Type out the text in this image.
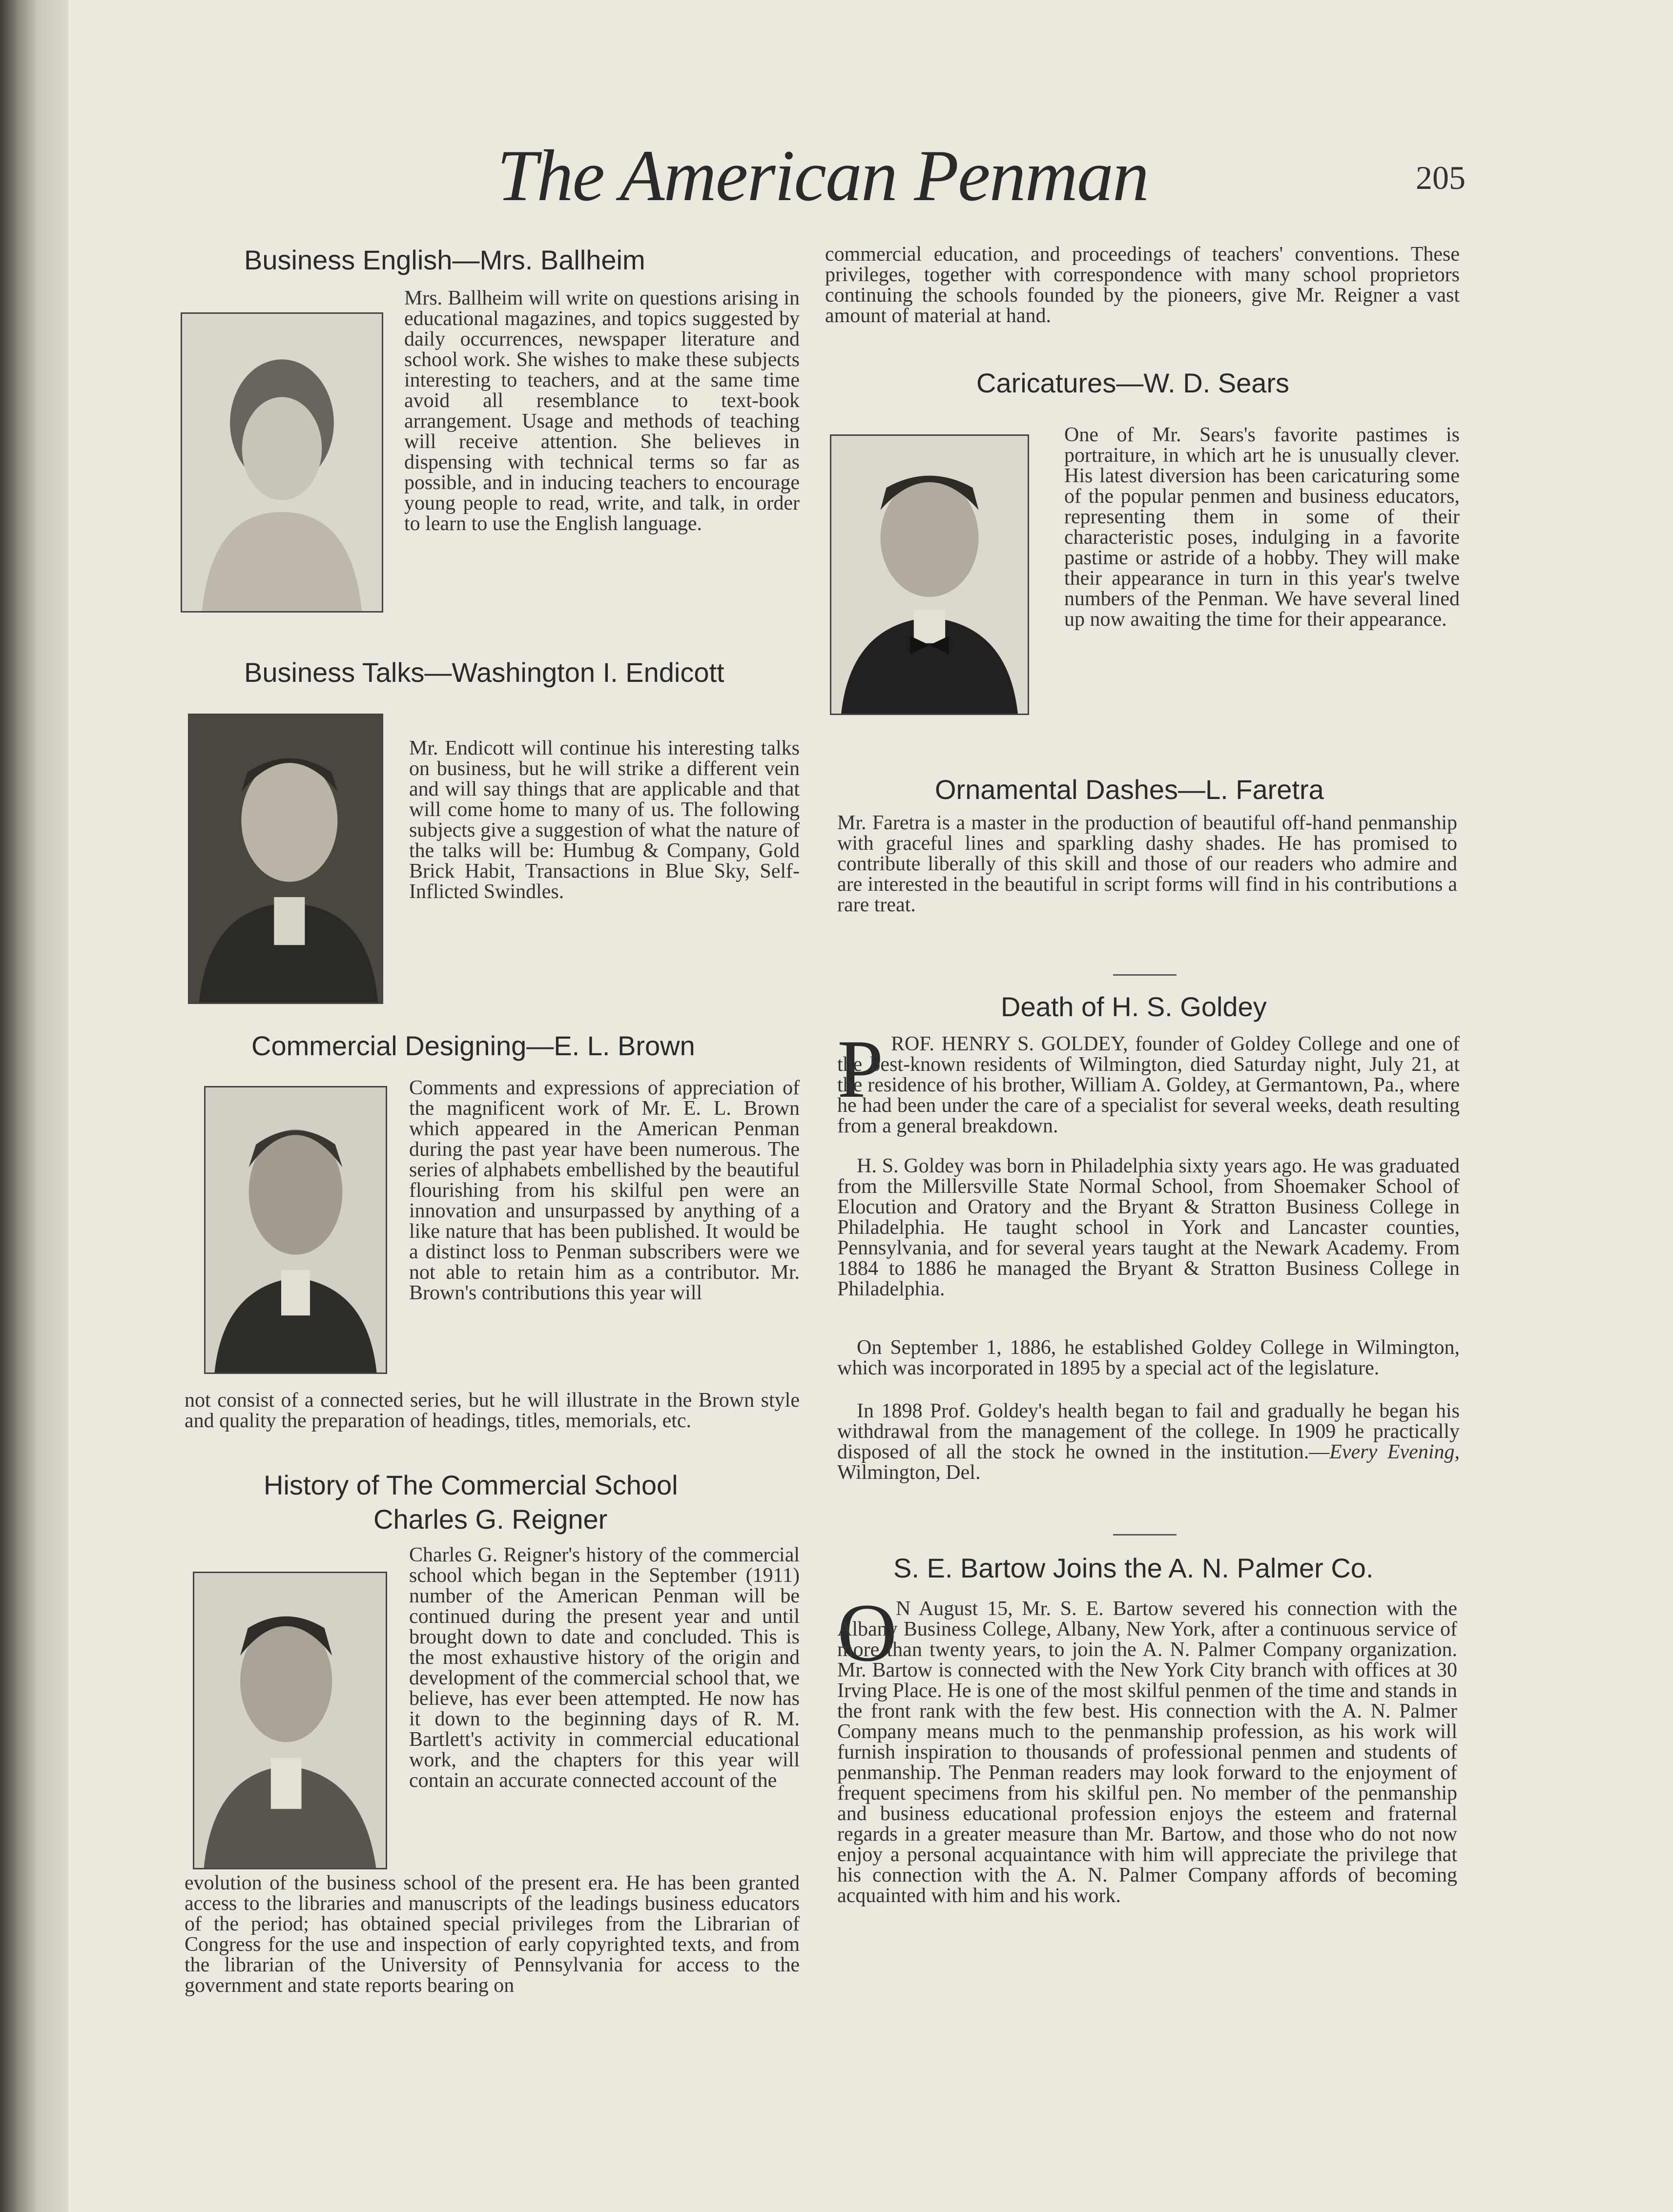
The American Penman	205
Business English—Mrs. Ballheim

Mrs. Ballheim will write on questions arising in educational magazines, and topics suggested by daily occurrences, newspaper literature and school work. She wishes to make these subjects interesting to teachers, and at the same time avoid all resemblance to text-book arrangement. Usage and methods of teaching will receive attention. She believes in dispensing with technical terms so far as possible, and in inducing teachers to encourage young people to read, write, and talk, in order to learn to use the English language.

Business Talks—Washington I. Endicott

Mr. Endicott will continue his interesting talks on business, but he will strike a different vein and will say things that are applicable and that will come home to many of us. The following subjects give a suggestion of what the nature of the talks will be: Humbug & Company, Gold Brick Habit, Transactions in Blue Sky, Self-Inflicted Swindles.

Commercial Designing—E. L. Brown

Comments and expressions of appreciation of the magnificent work of Mr. E. L. Brown which appeared in the American Penman during the past year have been numerous. The series of alphabets embellished by the beautiful flourishing from his skilful pen were an innovation and unsurpassed by anything of a like nature that has been published. It would be a distinct loss to Penman subscribers were we not able to retain him as a contributor. Mr. Brown's contributions this year will

not consist of a connected series, but he will illustrate in the Brown style and quality the preparation of headings, titles, memorials, etc.

History of The Commercial School
Charles G. Reigner

Charles G. Reigner's history of the commercial school which began in the September (1911) number of the American Penman will be continued during the present year and until brought down to date and concluded. This is the most exhaustive history of the origin and development of the commercial school that, we believe, has ever been attempted. He now has it down to the beginning days of R. M. Bartlett's activity in commercial educational work, and the chapters for this year will contain an accurate connected account of the

evolution of the business school of the present era. He has been granted access to the libraries and manuscripts of the leadings business educators of the period; has obtained special privileges from the Librarian of Congress for the use and inspection of early copyrighted texts, and from the librarian of the University of Pennsylvania for access to the government and state reports bearing on

commercial education, and proceedings of teachers' conventions. These privileges, together with correspondence with many school proprietors continuing the schools founded by the pioneers, give Mr. Reigner a vast amount of material at hand.

Caricatures—W. D. Sears

One of Mr. Sears's favorite pastimes is portraiture, in which art he is unusually clever. His latest diversion has been caricaturing some of the popular penmen and business educators, representing them in some of their characteristic poses, indulging in a favorite pastime or astride of a hobby. They will make their appearance in turn in this year's twelve numbers of the Penman. We have several lined up now awaiting the time for their appearance.

Ornamental Dashes—L. Faretra

Mr. Faretra is a master in the production of beautiful off-hand penmanship with graceful lines and sparkling dashy shades. He has promised to contribute liberally of this skill and those of our readers who admire and are interested in the beautiful in script forms will find in his contributions a rare treat.

Death of H. S. Goldey
P ROF. HENRY S. GOLDEY, founder of Goldey College and one of the best-known residents of Wilmington, died Saturday night, July 21, at the residence of his brother, William A. Goldey, at Germantown, Pa., where he had been under the care of a specialist for several weeks, death resulting from a general breakdown.

H. S. Goldey was born in Philadelphia sixty years ago. He was graduated from the Millersville State Normal School, from Shoemaker School of Elocution and Oratory and the Bryant & Stratton Business College in Philadelphia. He taught school in York and Lancaster counties, Pennsylvania, and for several years taught at the Newark Academy. From 1884 to 1886 he managed the Bryant & Stratton Business College in Philadelphia.

On September 1, 1886, he established Goldey College in Wilmington, which was incorporated in 1895 by a special act of the legislature.

In 1898 Prof. Goldey's health began to fail and gradually he began his withdrawal from the management of the college. In 1909 he practically disposed of all the stock he owned in the institution.—Every Evening, Wilmington, Del.

S. E. Bartow Joins the A. N. Palmer Co.
O

N August 15, Mr. S. E. Bartow severed his connection with the Albany Business College, Albany, New York, after a continuous service of more than twenty years, to join the A. N. Palmer Company organization. Mr. Bartow is connected with the New York City branch with offices at 30 Irving Place. He is one of the most skilful penmen of the time and stands in the front rank with the few best. His connection with the A. N. Palmer Company means much to the penmanship profession, as his work will furnish inspiration to thousands of professional penmen and students of penmanship. The Penman readers may look forward to the enjoyment of frequent specimens from his skilful pen. No member of the penmanship and business educational profession enjoys the esteem and fraternal regards in a greater measure than Mr. Bartow, and those who do not now enjoy a personal acquaintance with him will appreciate the privilege that his connection with the A. N. Palmer Company affords of becoming acquainted with him and his work.
